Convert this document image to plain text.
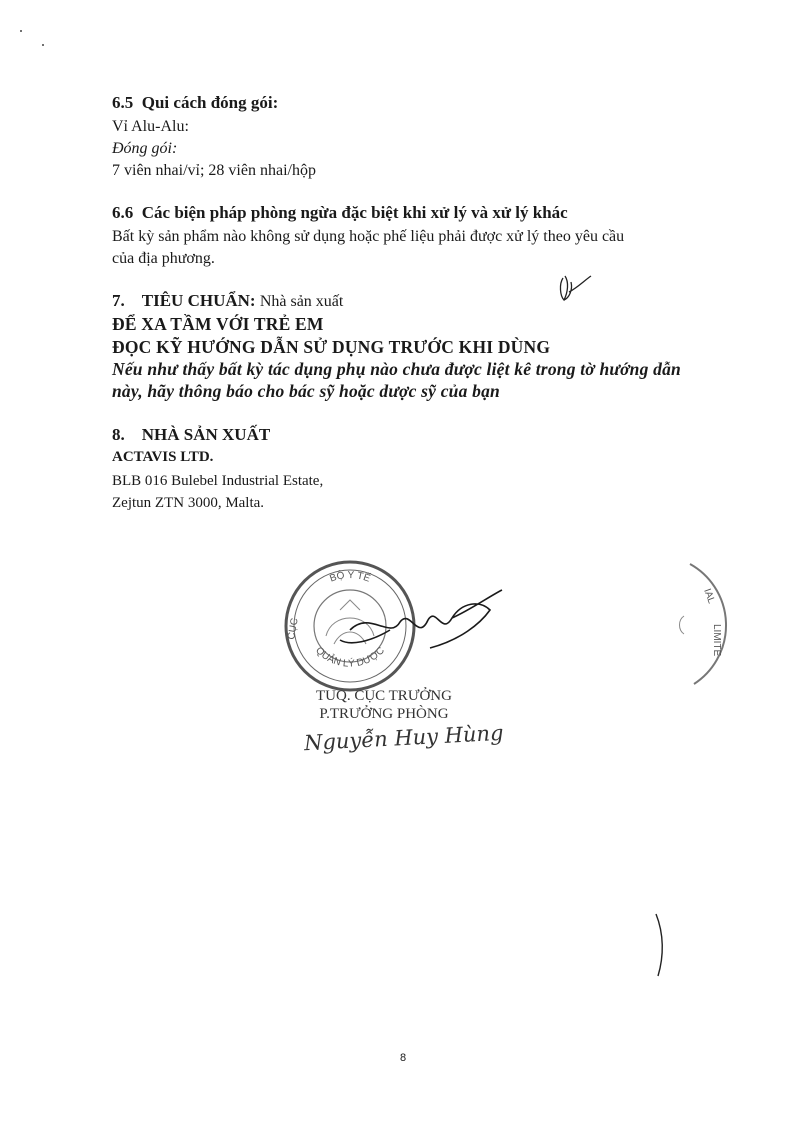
6.5 Qui cách đóng gói:
Vỉ Alu-Alu:
Đóng gói:
7 viên nhai/vỉ; 28 viên nhai/hộp
6.6 Các biện pháp phòng ngừa đặc biệt khi xử lý và xử lý khác
Bất kỳ sản phẩm nào không sử dụng hoặc phế liệu phải được xử lý theo yêu cầu
của địa phương.
7. TIÊU CHUẨN: Nhà sản xuất
ĐỂ XA TẦM VỚI TRẺ EM
ĐỌC KỸ HƯỚNG DẪN SỬ DỤNG TRƯỚC KHI DÙNG
Nếu như thấy bất kỳ tác dụng phụ nào chưa được liệt kê trong tờ hướng dẫn
này, hãy thông báo cho bác sỹ hoặc dược sỹ của bạn
8. NHÀ SẢN XUẤT
ACTAVIS LTD.
BLB 016 Bulebel Industrial Estate,
Zejtun ZTN 3000, Malta.
BỘ Y TẾ
QUẢN LÝ DƯỢC
CỤC
TUQ. CỤC TRƯỞNG
P.TRƯỞNG PHÒNG
Nguyễn Huy Hùng
IAL
LIMITE
8
